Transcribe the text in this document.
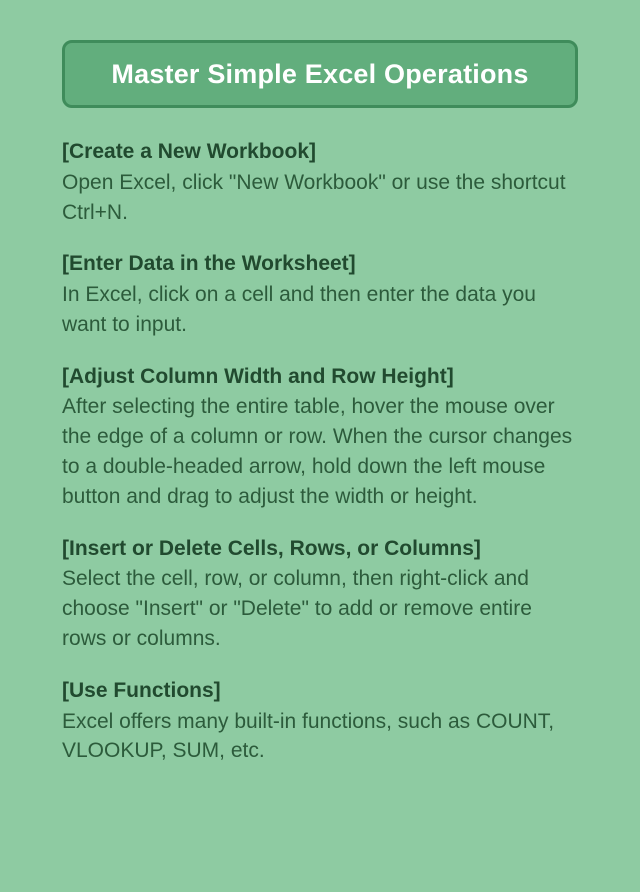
Master Simple Excel Operations
[Create a New Workbook]
Open Excel, click "New Workbook" or use the shortcut Ctrl+N.
[Enter Data in the Worksheet]
In Excel, click on a cell and then enter the data you want to input.
[Adjust Column Width and Row Height]
After selecting the entire table, hover the mouse over the edge of a column or row. When the cursor changes to a double-headed arrow, hold down the left mouse button and drag to adjust the width or height.
[Insert or Delete Cells, Rows, or Columns]
Select the cell, row, or column, then right-click and choose "Insert" or "Delete" to add or remove entire rows or columns.
[Use Functions]
Excel offers many built-in functions, such as COUNT, VLOOKUP, SUM, etc.
